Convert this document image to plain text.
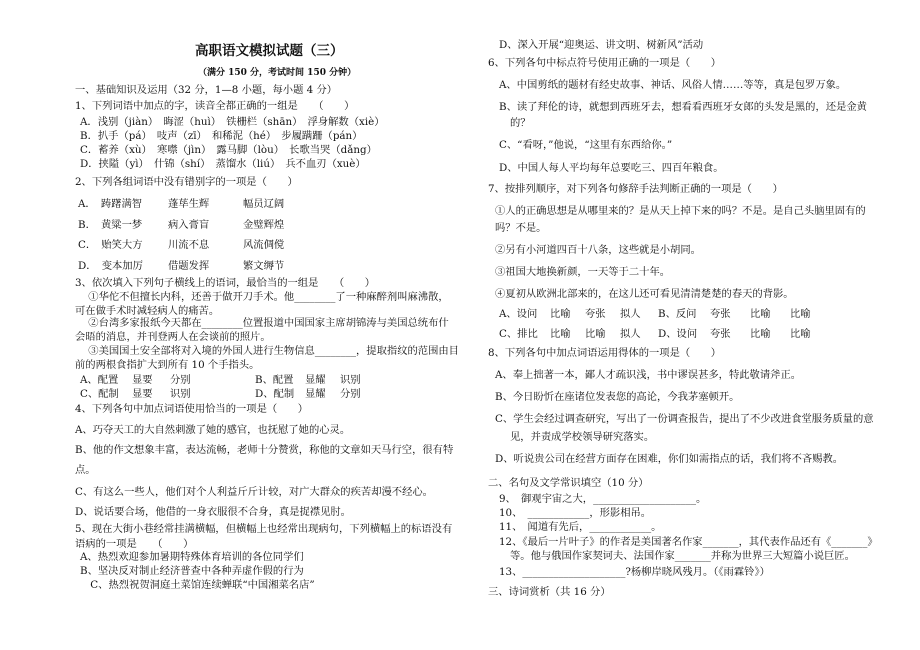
高职语文模拟试题（三）
（满分 150 分，考试时间 150 分钟）
一、基础知识及运用（32 分，1—8 小题，每小题 4 分）
1、下列词语中加点的字，读音全都正确的一组是　　（　　）
A．浅别（jiàn）　晦涩（huì）　铁栅栏（shān）　浮身解数（xiè）
B．扒手（pá）　吱声（zī）　和稀泥（hé）　步履蹒跚（pán）
C．蓄养（xù）　寒噤（jìn）　露马脚（lòu）　长歌当哭（dǎng）
D．挟隘（yì）　什锦（shí）　蒸馏水（liú）　兵不血刃（xuè）
2、下列各组词语中没有错别字的一项是（　　）
3、依次填入下列句子横线上的语词，最恰当的一组是　　（　　）
　①华佗不但擅长内科，还善于做开刀手术。他________了一种麻醉剂叫麻沸散，
可在做手术时减轻病人的痛苦。
　②台湾多家报纸今天都在________位置报道中国国家主席胡锦涛与美国总统布什
会晤的消息，并刊登两人在会谈前的照片。
　③美国国土安全部将对入境的外国人进行生物信息________，提取指纹的范围由目
前的两根食指扩大到所有 10 个手指头。
4、下列各句中加点词语使用恰当的一项是（　　）
A、巧夺天工的大自然刺激了她的感官，也抚慰了她的心灵。
B、他的作文想象丰富，表达流畅，老师十分赞赏，称他的文章如天马行空，很有特
点。
C、有这么一些人，他们对个人利益斤斤计较，对广大群众的疾苦却漫不经心。
D、说话要合场，他借的一身衣服很不合身，真是捉襟见肘。
5、现在大街小巷经常挂满横幅，但横幅上也经常出现病句，下列横幅上的标语没有
语病的一项是　　（　　）
A、热烈欢迎参加暑期特殊体育培训的各位同学们
B、坚决反对制止经济普查中各种弄虚作假的行为
　C、热烈祝贺洞庭土菜馆连续蝉联“中国湘菜名店”
A．　踌躇满智	蓬荜生辉	幅员辽阔
B．　黄粱一梦	病入膏盲	金璧辉煌
C．　贻笑大方 川流不息	风流倜傥
D．　变本加厉 借题发挥	繁文缛节
A、配置 显要 分别	B、配置 显耀 识别
C、配制 显要 识别	D、配制 显耀 分别
D、深入开展“迎奥运、讲文明、树新风”活动
6、下列各句中标点符号使用正确的一项是（　　）
A、中国剪纸的题材有经史故事、神话、风俗人情……等等，真是包罗万象。
B、读了拜伦的诗，就想到西班牙去，想看看西班牙女郎的头发是黑的，还是金黄
的？
C、“看呀，”他说，“这里有东西给你。”
D、中国人每人平均每年总要吃三、四百年粮食。
7、按排列顺序，对下列各句修辞手法判断正确的一项是（　　）
①人的正确思想是从哪里来的？是从天上掉下来的吗？不是。是自己头脑里固有的
吗？不是。
②另有小河道四百十八条，这些就是小胡同。
③祖国大地换新颜，一天等于二十年。
④夏初从欧洲北部来的，在这儿还可看见清清楚楚的春天的背影。
8、下列各句中加点词语运用得体的一项是（　　）
A、奉上拙著一本，鄙人才疏识浅，书中谬误甚多，特此敬请斧正。
B、今日盼忻在座诸位发表您的高论，今我茅塞顿开。
C、学生会经过调查研究，写出了一份调查报告，提出了不少改进食堂服务质量的意
见，并责成学校领导研究落实。
D、听说贵公司在经营方面存在困难，你们如需指点的话，我们将不吝赐教。
二、名句及文学常识填空（10 分）
9、　御观宇宙之大，____________________。
10、　____________，形影相吊。
11、　闻道有先后，____________。
12、《最后一片叶子》的作者是美国著名作家_______，其代表作品还有《_______》
等。他与俄国作家契诃夫、法国作家_______并称为世界三大短篇小说巨匠。
13、____________________?杨柳岸晓风残月。（《雨霖铃》）
三、诗词赏析（共 16 分）
A、设问 比喻 夸张 拟人 B、反问 夸张 比喻 比喻
C、排比 比喻 比喻 拟人 D、设问 夸张 比喻 比喻
